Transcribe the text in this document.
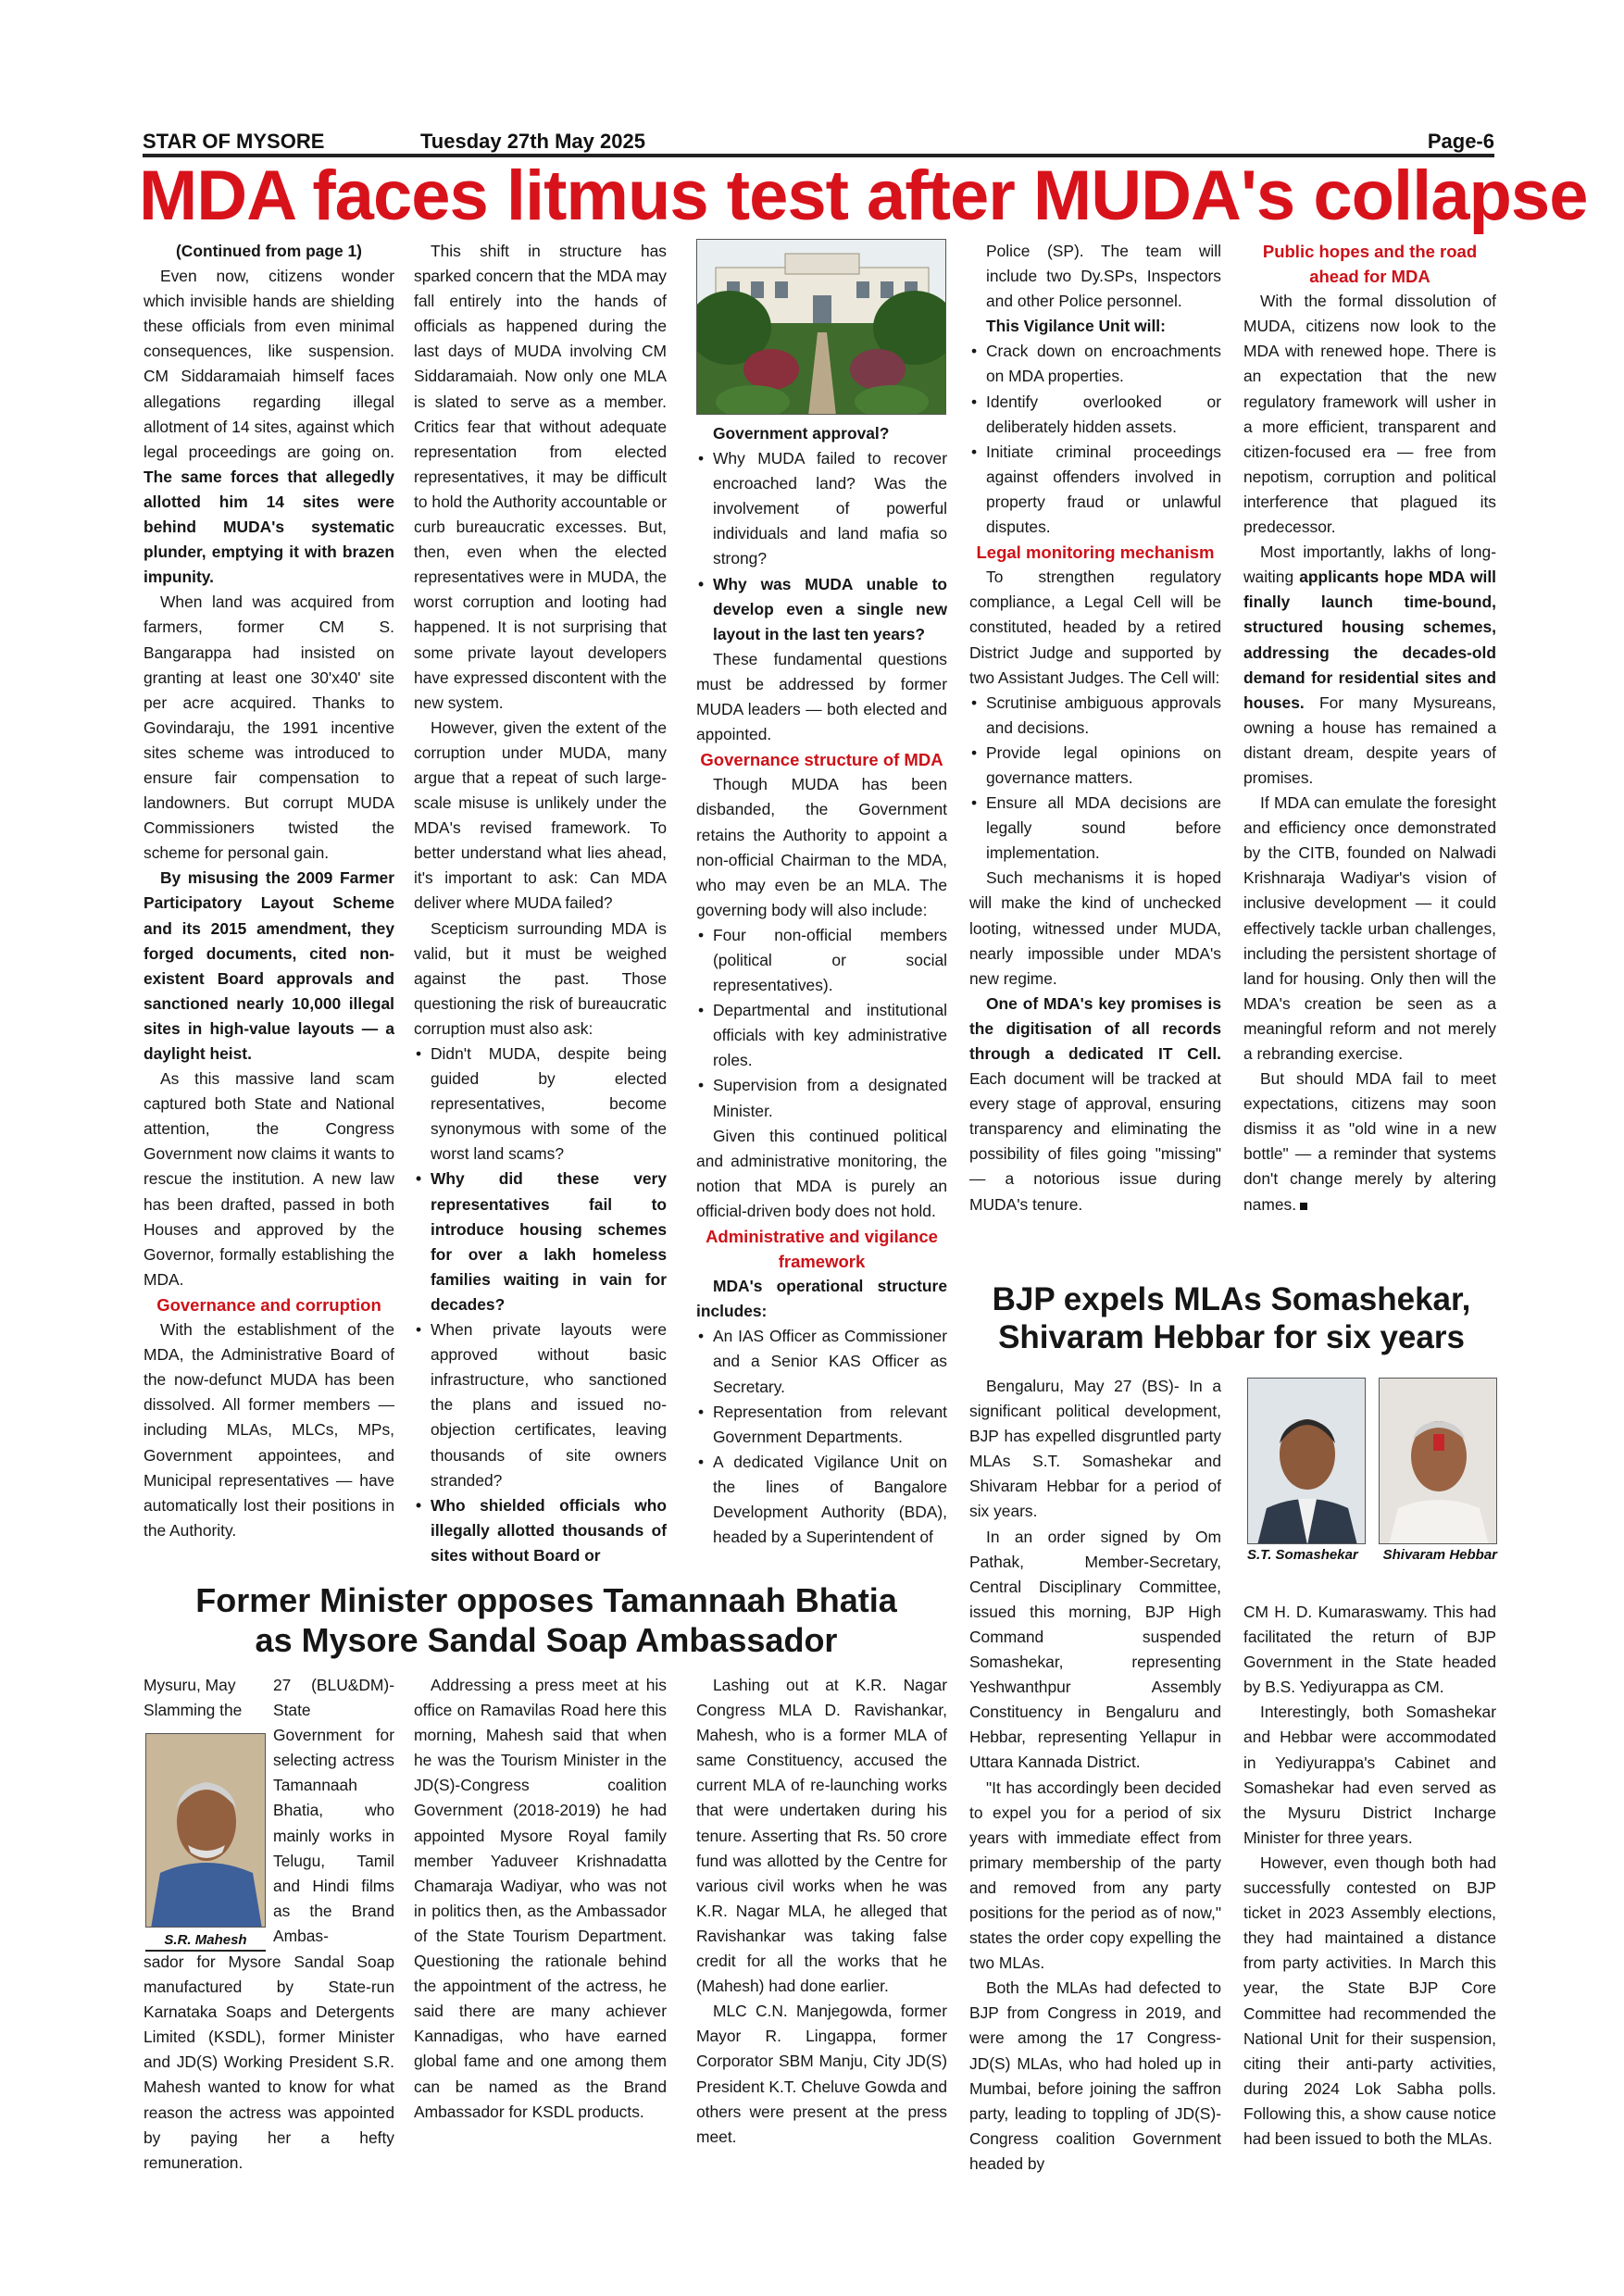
STAR OF MYSORE	Tuesday 27th May 2025	Page-6
MDA faces litmus test after MUDA's collapse

(Continued from page 1)

Even now, citizens wonder which invisible hands are shielding these officials from even minimal consequences, like suspension. CM Siddaramaiah himself faces allegations regarding illegal allotment of 14 sites, against which legal proceedings are going on. The same forces that allegedly allotted him 14 sites were behind MUDA's systematic plunder, emptying it with brazen impunity.

When land was acquired from farmers, former CM S. Bangarappa had insisted on granting at least one 30'x40' site per acre acquired. Thanks to Govindaraju, the 1991 incentive sites scheme was introduced to ensure fair compensation to landowners. But corrupt MUDA Commissioners twisted the scheme for personal gain.

By misusing the 2009 Farmer Participatory Layout Scheme and its 2015 amendment, they forged documents, cited non-existent Board approvals and sanctioned nearly 10,000 illegal sites in high-value layouts — a daylight heist.

As this massive land scam captured both State and National attention, the Congress Government now claims it wants to rescue the institution. A new law has been drafted, passed in both Houses and approved by the Governor, formally establishing the MDA.

Governance and corruption

With the establishment of the MDA, the Administrative Board of the now-defunct MUDA has been dissolved. All former members — including MLAs, MLCs, MPs, Government appointees, and Municipal representatives — have automatically lost their positions in the Authority.

This shift in structure has sparked concern that the MDA may fall entirely into the hands of officials as happened during the last days of MUDA involving CM Siddaramaiah. Now only one MLA is slated to serve as a member. Critics fear that without adequate representation from elected representatives, it may be difficult to hold the Authority accountable or curb bureaucratic excesses. But, then, even when the elected representatives were in MUDA, the worst corruption and looting had happened. It is not surprising that some private layout developers have expressed discontent with the new system.

However, given the extent of the corruption under MUDA, many argue that a repeat of such large-scale misuse is unlikely under the MDA's revised framework. To better understand what lies ahead, it's important to ask: Can MDA deliver where MUDA failed?

Scepticism surrounding MDA is valid, but it must be weighed against the past. Those questioning the risk of bureaucratic corruption must also ask:

• Didn't MUDA, despite being guided by elected representatives, become synonymous with some of the worst land scams?
• Why did these very representatives fail to introduce housing schemes for over a lakh homeless families waiting in vain for decades?
• When private layouts were approved without basic infrastructure, who sanctioned the plans and issued no-objection certificates, leaving thousands of site owners stranded?
• Who shielded officials who illegally allotted thousands of sites without Board or

Government approval?

• Why MUDA failed to recover encroached land? Was the involvement of powerful individuals and land mafia so strong?
• Why was MUDA unable to develop even a single new layout in the last ten years?

These fundamental questions must be addressed by former MUDA leaders — both elected and appointed.

Governance structure of MDA

Though MUDA has been disbanded, the Government retains the Authority to appoint a non-official Chairman to the MDA, who may even be an MLA. The governing body will also include:

• Four non-official members (political or social representatives).
• Departmental and institutional officials with key administrative roles.
• Supervision from a designated Minister.

Given this continued political and administrative monitoring, the notion that MDA is purely an official-driven body does not hold.

Administrative and vigilance framework

MDA's operational structure includes:

• An IAS Officer as Commissioner and a Senior KAS Officer as Secretary.
• Representation from relevant Government Departments.
• A dedicated Vigilance Unit on the lines of Bangalore Development Authority (BDA), headed by a Superintendent of

Police (SP). The team will include two Dy.SPs, Inspectors and other Police personnel.

This Vigilance Unit will:

• Crack down on encroachments on MDA properties.
• Identify overlooked or deliberately hidden assets.
• Initiate criminal proceedings against offenders involved in property fraud or unlawful disputes.

Legal monitoring mechanism

To strengthen regulatory compliance, a Legal Cell will be constituted, headed by a retired District Judge and supported by two Assistant Judges. The Cell will:

• Scrutinise ambiguous approvals and decisions.
• Provide legal opinions on governance matters.
• Ensure all MDA decisions are legally sound before implementation.

Such mechanisms it is hoped will make the kind of unchecked looting, witnessed under MUDA, nearly impossible under MDA's new regime.

One of MDA's key promises is the digitisation of all records through a dedicated IT Cell. Each document will be tracked at every stage of approval, ensuring transparency and eliminating the possibility of files going "missing" — a notorious issue during MUDA's tenure.

Public hopes and the road ahead for MDA

With the formal dissolution of MUDA, citizens now look to the MDA with renewed hope. There is an expectation that the new regulatory framework will usher in a more efficient, transparent and citizen-focused era — free from nepotism, corruption and political interference that plagued its predecessor.

Most importantly, lakhs of long-waiting applicants hope MDA will finally launch time-bound, structured housing schemes, addressing the decades-old demand for residential sites and houses. For many Mysureans, owning a house has remained a distant dream, despite years of promises.

If MDA can emulate the foresight and efficiency once demonstrated by the CITB, founded on Nalwadi Krishnaraja Wadiyar's vision of inclusive development — it could effectively tackle urban challenges, including the persistent shortage of land for housing. Only then will the MDA's creation be seen as a meaningful reform and not merely a rebranding exercise.

But should MDA fail to meet expectations, citizens may soon dismiss it as "old wine in a new bottle" — a reminder that systems don't change merely by altering names.

BJP expels MLAs Somashekar,
Shivaram Hebbar for six years
S.T. Somashekar Shivaram Hebbar

Bengaluru, May 27 (BS)- In a significant political development, BJP has expelled disgruntled party MLAs S.T. Somashekar and Shivaram Hebbar for a period of six years.

In an order signed by Om Pathak, Member-Secretary, Central Disciplinary Committee, issued this morning, BJP High Command suspended Somashekar, representing Yeshwanthpur Assembly Constituency in Bengaluru and Hebbar, representing Yellapur in Uttara Kannada District.

"It has accordingly been decided to expel you for a period of six years with immediate effect from primary membership of the party and removed from any party positions for the period as of now," states the order copy expelling the two MLAs.

Both the MLAs had defected to BJP from Congress in 2019, and were among the 17 Congress-JD(S) MLAs, who had holed up in Mumbai, before joining the saffron party, leading to toppling of JD(S)-Congress coalition Government headed by

CM H. D. Kumaraswamy. This had facilitated the return of BJP Government in the State headed by B.S. Yediyurappa as CM.

Interestingly, both Somashekar and Hebbar were accommodated in Yediyurappa's Cabinet and Somashekar had even served as the Mysuru District Incharge Minister for three years.

However, even though both had successfully contested on BJP ticket in 2023 Assembly elections, they had maintained a distance from party activities. In March this year, the State BJP Core Committee had recommended the National Unit for their suspension, citing their anti-party activities, during 2024 Lok Sabha polls. Following this, a show cause notice had been issued to both the MLAs.

Former Minister opposes Tamannaah Bhatia
as Mysore Sandal Soap Ambassador
S.R. Mahesh
Mysuru, May
Slamming the

27 (BLU&DM)- State Government for selecting actress Tamannaah Bhatia, who mainly works in Telugu, Tamil and Hindi films as the Brand Ambas-

sador for Mysore Sandal Soap manufactured by State-run Karnataka Soaps and Detergents Limited (KSDL), former Minister and JD(S) Working President S.R. Mahesh wanted to know for what reason the actress was appointed by paying her a hefty remuneration.

Addressing a press meet at his office on Ramavilas Road here this morning, Mahesh said that when he was the Tourism Minister in the JD(S)-Congress coalition Government (2018-2019) he had appointed Mysore Royal family member Yaduveer Krishnadatta Chamaraja Wadiyar, who was not in politics then, as the Ambassador of the State Tourism Department. Questioning the rationale behind the appointment of the actress, he said there are many achiever Kannadigas, who have earned global fame and one among them can be named as the Brand Ambassador for KSDL products.

Lashing out at K.R. Nagar Congress MLA D. Ravishankar, Mahesh, who is a former MLA of same Constituency, accused the current MLA of re-launching works that were undertaken during his tenure. Asserting that Rs. 50 crore fund was allotted by the Centre for various civil works when he was K.R. Nagar MLA, he alleged that Ravishankar was taking false credit for all the works that he (Mahesh) had done earlier.

MLC C.N. Manjegowda, former Mayor R. Lingappa, former Corporator SBM Manju, City JD(S) President K.T. Cheluve Gowda and others were present at the press meet.
